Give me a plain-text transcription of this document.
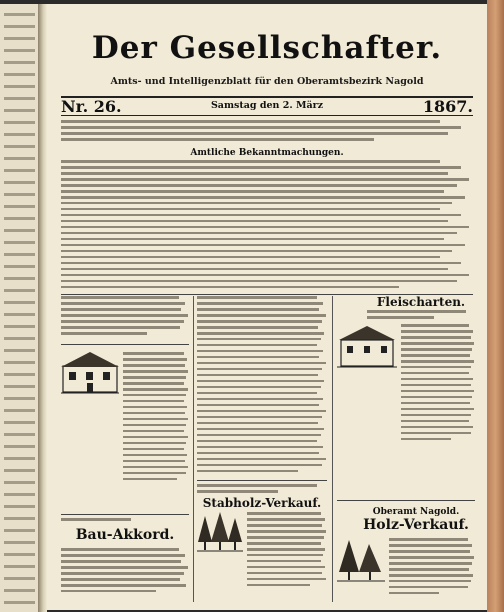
Der Gesellschafter.
Amts- und Intelligenzblatt für den Oberamtsbezirk Nagold
Nr. 26.	Samstag den 2. März	1867.
Amtliche Bekanntmachungen.
Bau-Akkord.
Stabholz-Verkauf.
Fleischarten.
Oberamt Nagold.
Holz-Verkauf.
